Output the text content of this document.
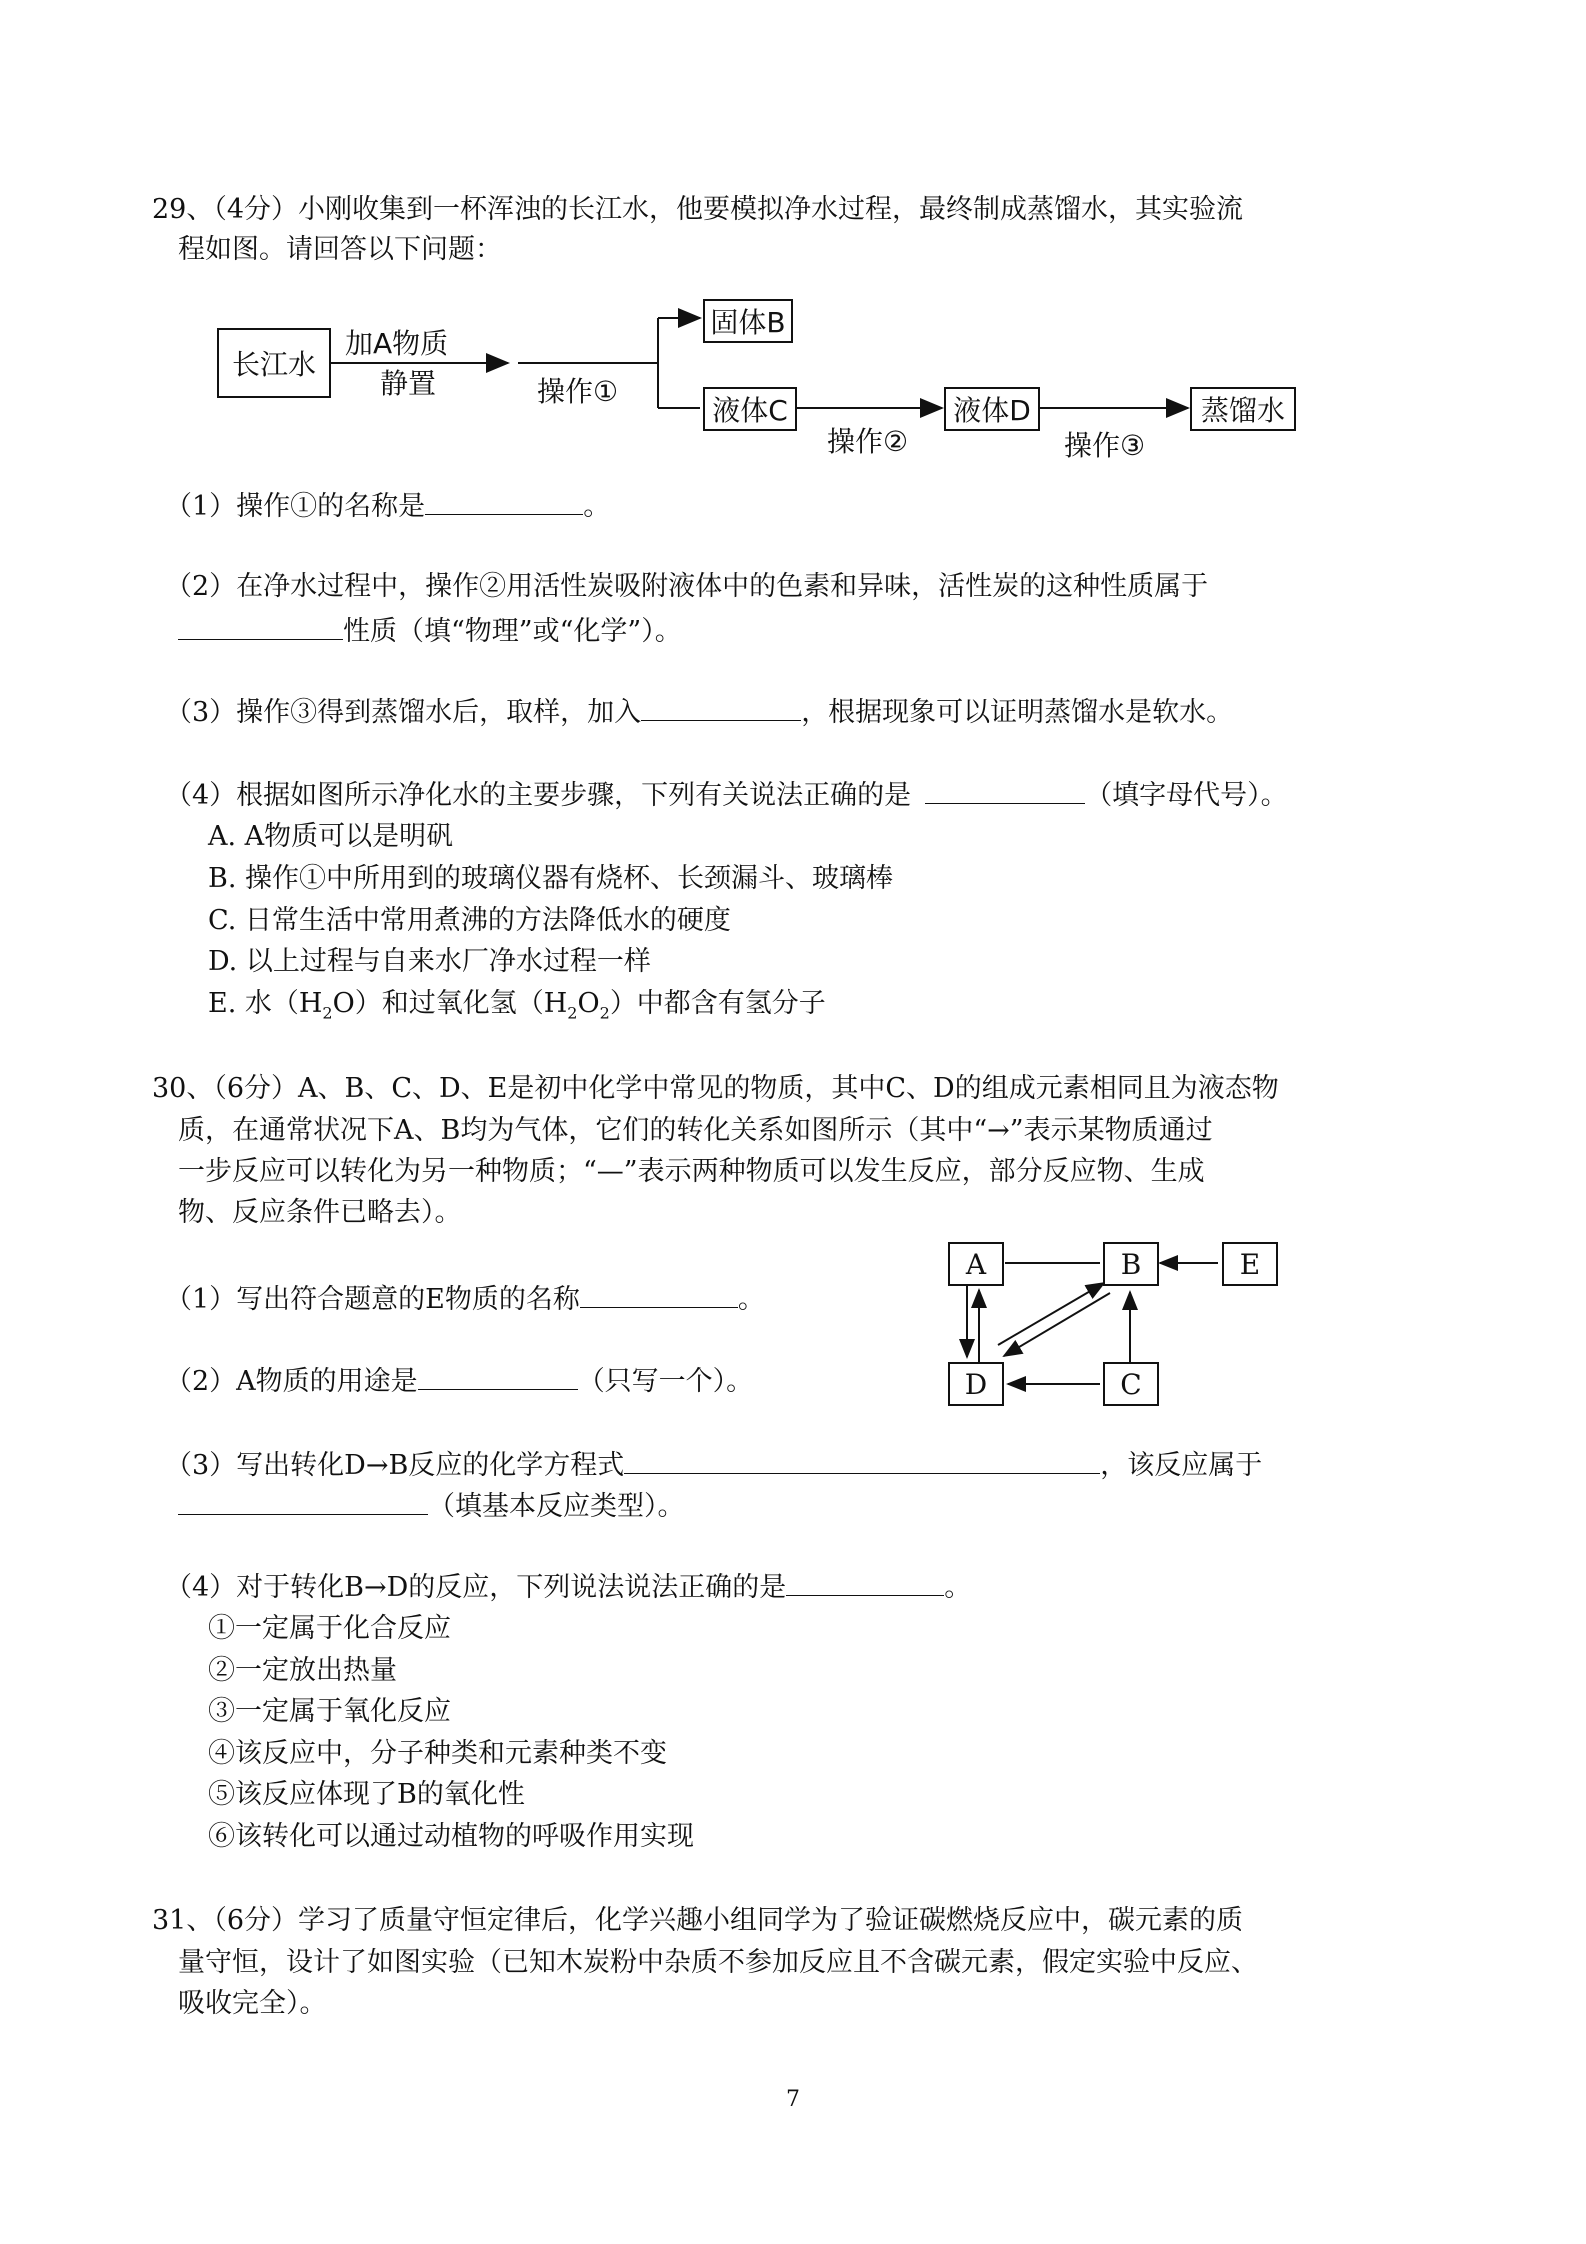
29、（4分）小刚收集到一杯浑浊的长江水，他要模拟净水过程，最终制成蒸馏水，其实验流
程如图。请回答以下问题：
长江水
加A物质
静置	操作①
固体B
液体C
操作②
液体D
操作③
蒸馏水
（1）操作①的名称是	。
（2）在净水过程中，操作②用活性炭吸附液体中的色素和异味，活性炭的这种性质属于
性质（填“物理”或“化学”）。
（3）操作③得到蒸馏水后，取样，加入	，根据现象可以证明蒸馏水是软水。
（4）根据如图所示净化水的主要步骤，下列有关说法正确的是	（填字母代号）。
A. A物质可以是明矾
B. 操作①中所用到的玻璃仪器有烧杯、长颈漏斗、玻璃棒
C. 日常生活中常用煮沸的方法降低水的硬度
D. 以上过程与自来水厂净水过程一样
E. 水$(H_2O)$和过氧化氢$(H_2O_2)$中都含有氢分子
30、（6分）A、B、C、D、E是初中化学中常见的物质，其中C、D的组成元素相同且为液态物
质，在通常状况下A、B均为气体，它们的转化关系如图所示（其中“→”表示某物质通过
一步反应可以转化为另一种物质；“—”表示两种物质可以发生反应，部分反应物、生成
物、反应条件已略去）。
A	B	E
D	C
（1）写出符合题意的E物质的名称	。
（2）A物质的用途是	（只写一个）。
（3）写出转化D→B反应的化学方程式	，该反应属于
（填基本反应类型）。
（4）对于转化B→D的反应，下列说法说法正确的是	。
①一定属于化合反应
②一定放出热量
③一定属于氧化反应
④该反应中，分子种类和元素种类不变
⑤该反应体现了B的氧化性
⑥该转化可以通过动植物的呼吸作用实现
31、（6分）学习了质量守恒定律后，化学兴趣小组同学为了验证碳燃烧反应中，碳元素的质
量守恒，设计了如图实验（已知木炭粉中杂质不参加反应且不含碳元素，假定实验中反应、
吸收完全）。
7
